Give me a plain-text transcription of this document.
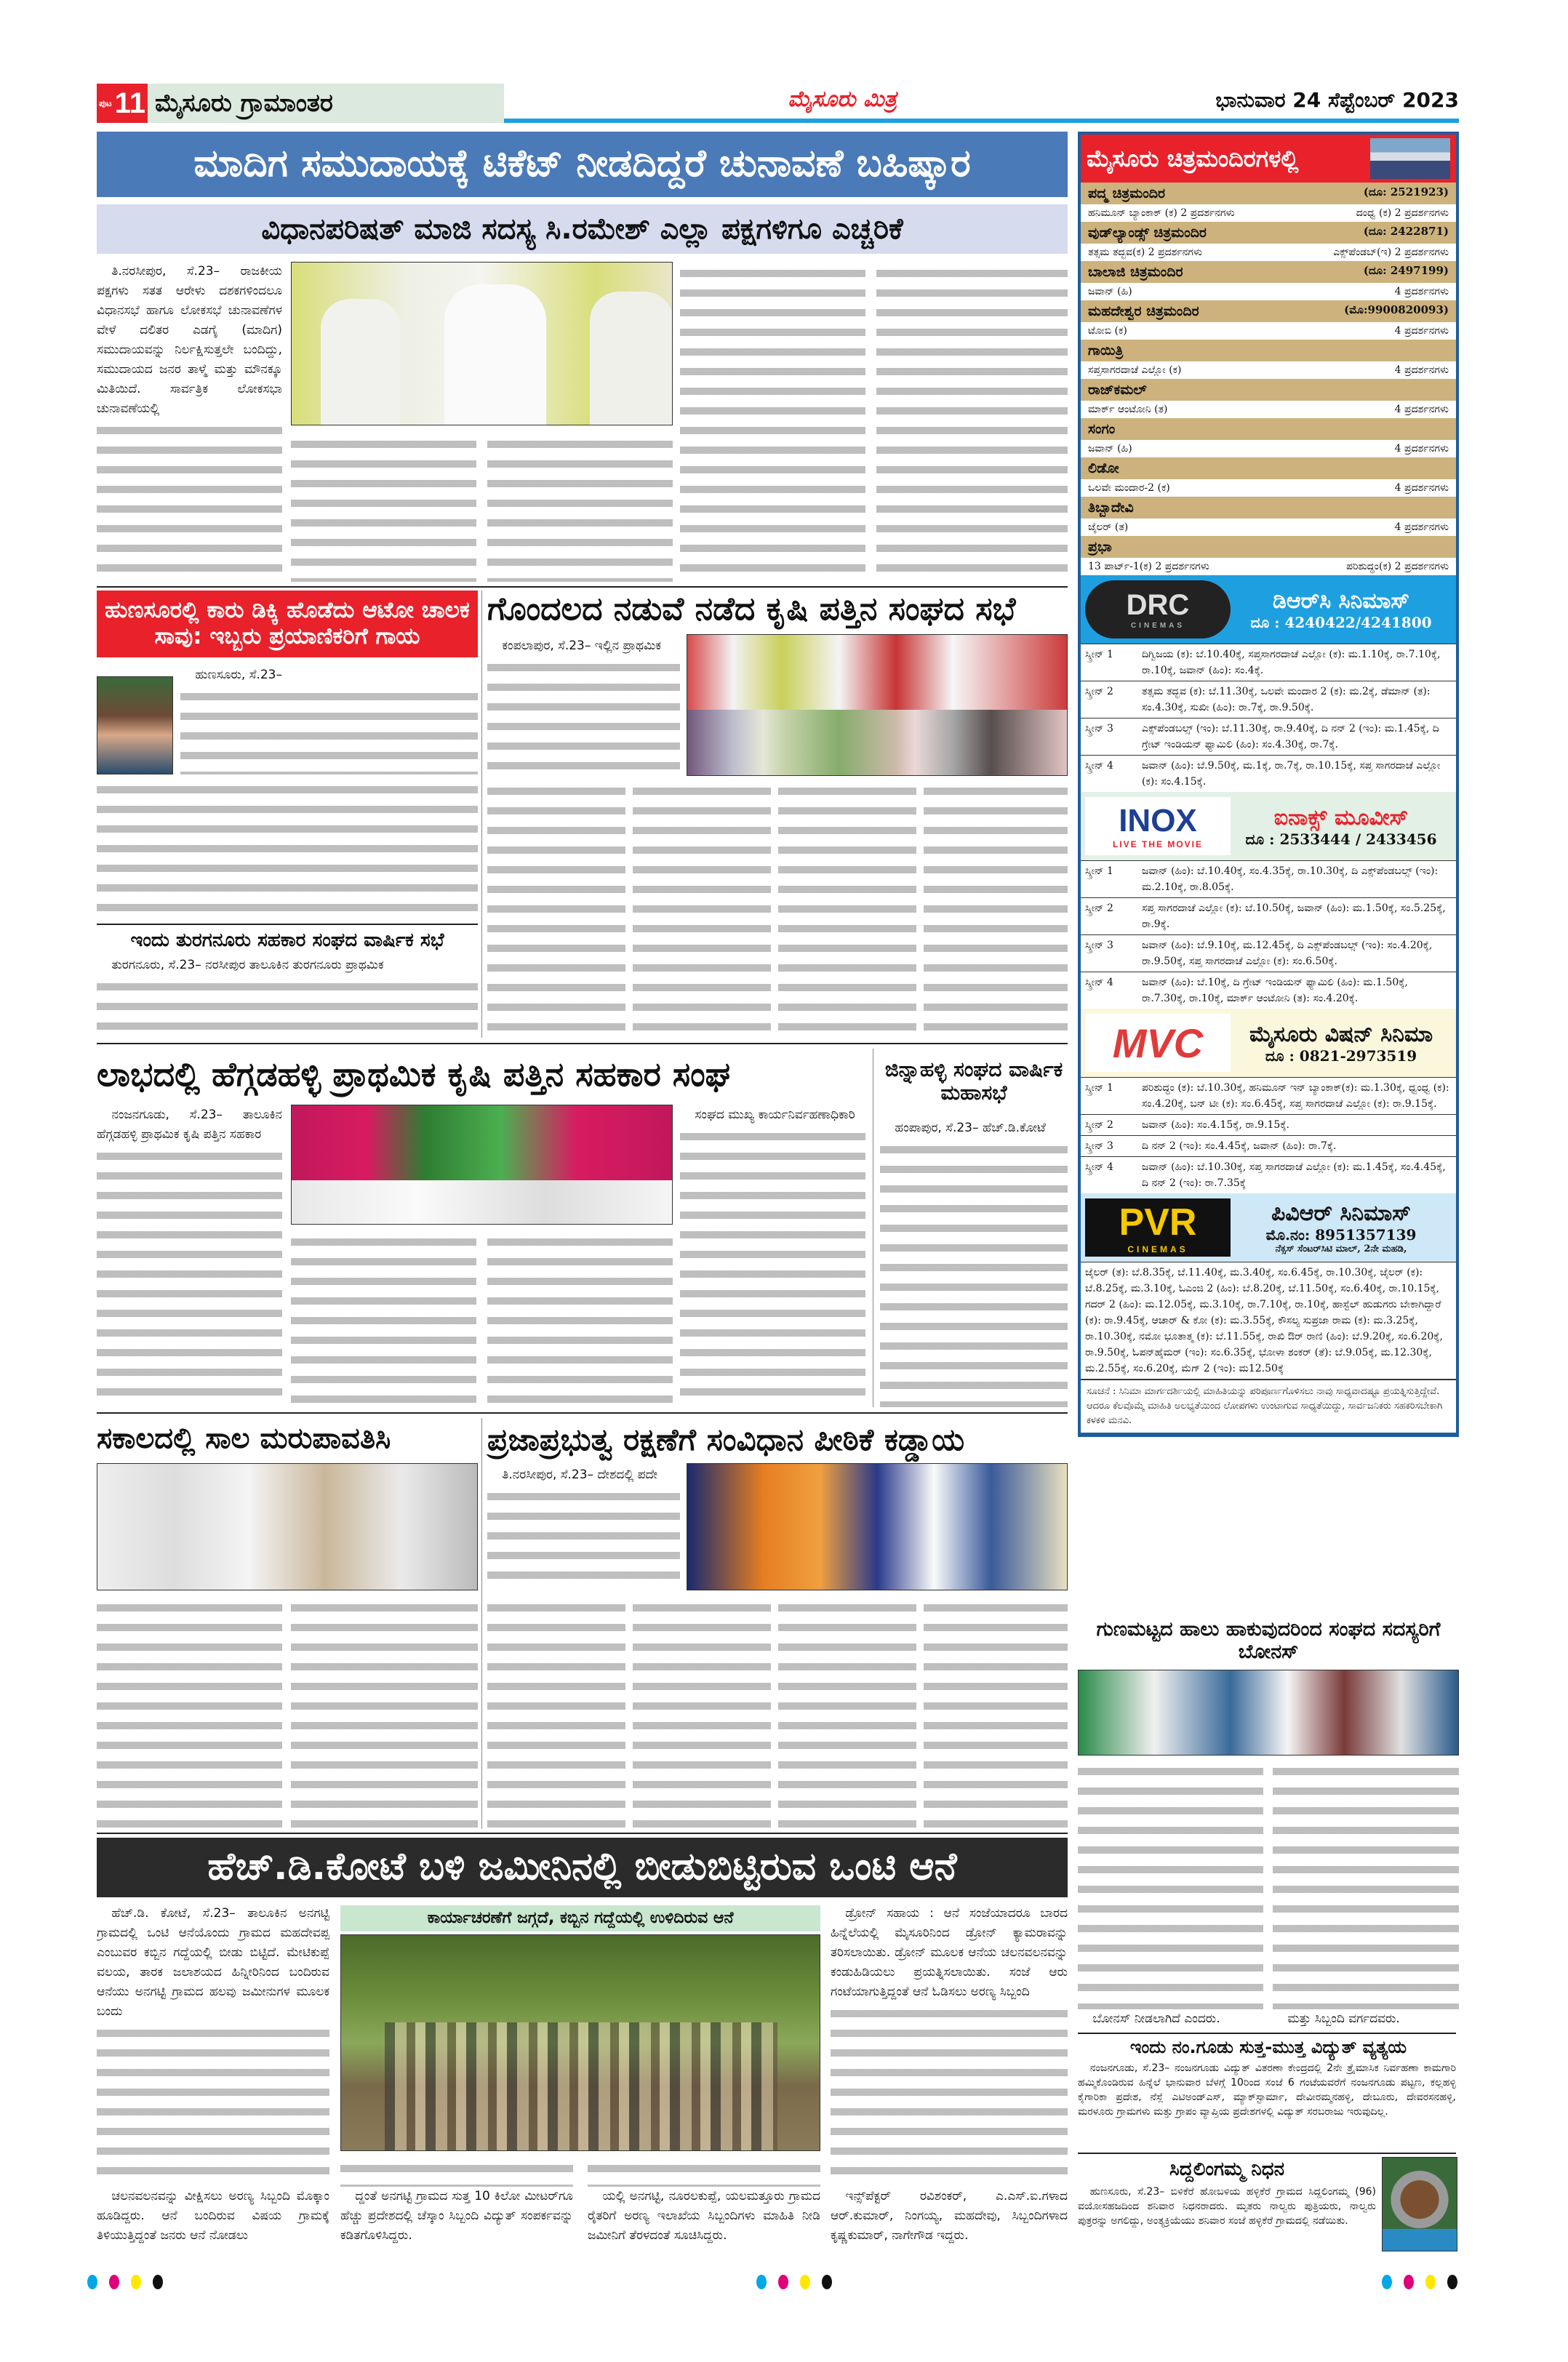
ಪುಟ 11 ಮೈಸೂರು ಗ್ರಾಮಾಂತರ	ಮೈಸೂರು ಮಿತ್ರ	ಭಾನುವಾರ 24 ಸೆಪ್ಟೆಂಬರ್ 2023
ಮಾದಿಗ ಸಮುದಾಯಕ್ಕೆ ಟಿಕೆಟ್ ನೀಡದಿದ್ದರೆ ಚುನಾವಣೆ ಬಹಿಷ್ಕಾರ
ವಿಧಾನಪರಿಷತ್ ಮಾಜಿ ಸದಸ್ಯ ಸಿ.ರಮೇಶ್ ಎಲ್ಲಾ ಪಕ್ಷಗಳಿಗೂ ಎಚ್ಚರಿಕೆ

ತಿ.ನರಸೀಪುರ, ಸೆ.23– ರಾಜಕೀಯ ಪಕ್ಷಗಳು ಸತತ ಆರೇಳು ದಶಕಗಳಿಂದಲೂ ವಿಧಾನಸಭೆ ಹಾಗೂ ಲೋಕಸಭೆ ಚುನಾವಣೆಗಳ ವೇಳೆ ದಲಿತರ ಎಡಗೈ (ಮಾದಿಗ) ಸಮುದಾಯವನ್ನು ನಿರ್ಲಕ್ಷಿಸುತ್ತಲೇ ಬಂದಿದ್ದು, ಸಮುದಾಯದ ಜನರ ತಾಳ್ಮೆ ಮತ್ತು ಮೌನಕ್ಕೂ ಮಿತಿಯಿದೆ. ಸಾರ್ವತ್ರಿಕ ಲೋಕಸಭಾ ಚುನಾವಣೆಯಲ್ಲಿ

ಹುಣಸೂರಲ್ಲಿ ಕಾರು ಡಿಕ್ಕಿ ಹೊಡೆದು ಆಟೋ ಚಾಲಕ ಸಾವು: ಇಬ್ಬರು ಪ್ರಯಾಣಿಕರಿಗೆ ಗಾಯ

ಹುಣಸೂರು, ಸೆ.23–

ಇಂದು ತುರಗನೂರು ಸಹಕಾರ ಸಂಘದ ವಾರ್ಷಿಕ ಸಭೆ

ತುರಗನೂರು, ಸೆ.23– ನರಸೀಪುರ ತಾಲೂಕಿನ ತುರಗನೂರು ಪ್ರಾಥಮಿಕ

ಗೊಂದಲದ ನಡುವೆ ನಡೆದ ಕೃಷಿ ಪತ್ತಿನ ಸಂಘದ ಸಭೆ

ಕಂಪಲಾಪುರ, ಸೆ.23– ಇಲ್ಲಿನ ಪ್ರಾಥಮಿಕ

ಲಾಭದಲ್ಲಿ ಹೆಗ್ಗಡಹಳ್ಳಿ ಪ್ರಾಥಮಿಕ ಕೃಷಿ ಪತ್ತಿನ ಸಹಕಾರ ಸಂಘ

ನಂಜನಗೂಡು, ಸೆ.23– ತಾಲೂಕಿನ ಹೆಗ್ಗಡಹಳ್ಳಿ ಪ್ರಾಥಮಿಕ ಕೃಷಿ ಪತ್ತಿನ ಸಹಕಾರ

ಸಂಘದ ಮುಖ್ಯ ಕಾರ್ಯನಿರ್ವಹಣಾಧಿಕಾರಿ

ಜಿನ್ನಾಹಳ್ಳಿ ಸಂಘದ ವಾರ್ಷಿಕ ಮಹಾಸಭೆ

ಹಂಪಾಪುರ, ಸೆ.23– ಹೆಚ್.ಡಿ.ಕೋಟೆ

ಸಕಾಲದಲ್ಲಿ ಸಾಲ ಮರುಪಾವತಿಸಿ	ಪ್ರಜಾಪ್ರಭುತ್ವ ರಕ್ಷಣೆಗೆ ಸಂವಿಧಾನ ಪೀಠಿಕೆ ಕಡ್ಡಾಯ

ತಿ.ನರಸೀಪುರ, ಸೆ.23– ದೇಶದಲ್ಲಿ ಪದೇ

ಹೆಚ್.ಡಿ.ಕೋಟೆ ಬಳಿ ಜಮೀನಿನಲ್ಲಿ ಬೀಡುಬಿಟ್ಟಿರುವ ಒಂಟಿ ಆನೆ

ಹೆಚ್.ಡಿ. ಕೋಟೆ, ಸೆ.23– ತಾಲೂಕಿನ ಅನಗಟ್ಟಿ ಗ್ರಾಮದಲ್ಲಿ ಒಂಟಿ ಆನೆಯೊಂದು ಗ್ರಾಮದ ಮಹದೇವಪ್ಪ ಎಂಬುವರ ಕಬ್ಬಿನ ಗದ್ದೆಯಲ್ಲಿ ಬೀಡು ಬಿಟ್ಟಿದೆ. ಮೇಟಿಕುಪ್ಪೆ ವಲಯ, ತಾರಕ ಜಲಾಶಯದ ಹಿನ್ನೀರಿನಿಂದ ಬಂದಿರುವ ಆನೆಯು ಅನಗಟ್ಟಿ ಗ್ರಾಮದ ಹಲವು ಜಮೀನುಗಳ ಮೂಲಕ ಬಂದು

ಚಲನವಲನವನ್ನು ವೀಕ್ಷಿಸಲು ಅರಣ್ಯ ಸಿಬ್ಬಂದಿ ಮೊಕ್ಕಾಂ ಹೂಡಿದ್ದರು. ಆನೆ ಬಂದಿರುವ ವಿಷಯ ಗ್ರಾಮಕ್ಕೆ ತಿಳಿಯುತ್ತಿದ್ದಂತೆ ಜನರು ಆನೆ ನೋಡಲು

ಕಾರ್ಯಾಚರಣೆಗೆ ಜಗ್ಗದೆ, ಕಬ್ಬಿನ ಗದ್ದೆಯಲ್ಲಿ ಉಳಿದಿರುವ ಆನೆ

ದ್ದಂತೆ ಅನಗಟ್ಟಿ ಗ್ರಾಮದ ಸುತ್ತ 10 ಕಿಲೋ ಮೀಟರ್‌ಗೂ ಹೆಚ್ಚು ಪ್ರದೇಶದಲ್ಲಿ ಚೆಸ್ಕಾಂ ಸಿಬ್ಬಂದಿ ವಿದ್ಯುತ್ ಸಂಪರ್ಕವನ್ನು ಕಡಿತಗೊಳಿಸಿದ್ದರು.

ಯಲ್ಲಿ ಅನಗಟ್ಟಿ, ನೂರಲಕುಪ್ಪೆ, ಯಲಮತ್ತೂರು ಗ್ರಾಮದ ರೈತರಿಗೆ ಅರಣ್ಯ ಇಲಾಖೆಯ ಸಿಬ್ಬಂದಿಗಳು ಮಾಹಿತಿ ನೀಡಿ ಜಮೀನಿಗೆ ತೆರಳದಂತೆ ಸೂಚಿಸಿದ್ದರು.

ಡ್ರೋನ್ ಸಹಾಯ : ಆನೆ ಸಂಜೆಯಾದರೂ ಬಾರದ ಹಿನ್ನೆಲೆಯಲ್ಲಿ ಮೈಸೂರಿನಿಂದ ಡ್ರೋನ್ ಕ್ಯಾಮರಾವನ್ನು ತರಿಸಲಾಯಿತು. ಡ್ರೋನ್ ಮೂಲಕ ಆನೆಯ ಚಲನವಲನವನ್ನು ಕಂಡುಹಿಡಿಯಲು ಪ್ರಯತ್ನಿಸಲಾಯಿತು. ಸಂಜೆ ಆರು ಗಂಟೆಯಾಗುತ್ತಿದ್ದಂತೆ ಆನೆ ಓಡಿಸಲು ಅರಣ್ಯ ಸಿಬ್ಬಂದಿ

ಇನ್ಸ್‌ಪೆಕ್ಟರ್ ರವಿಶಂಕರ್, ಎ.ಎಸ್.ಐ.ಗಳಾದ ಆರ್.ಕುಮಾರ್, ನಿಂಗಯ್ಯ, ಮಹದೇವು, ಸಿಬ್ಬಂದಿಗಳಾದ ಕೃಷ್ಣಕುಮಾರ್, ನಾಗೇಗೌಡ ಇದ್ದರು.

ಮೈಸೂರು ಚಿತ್ರಮಂದಿರಗಳಲ್ಲಿ
ಪದ್ಮ ಚಿತ್ರಮಂದಿರ	(ದೂ: 2521923)
ಹನಿಮೂನ್ ಬ್ಯಾಂಕಾಕ್ (ಕ) 2 ಪ್ರದರ್ಶನಗಳು	ದಂಧ್ವ (ಕ) 2 ಪ್ರದರ್ಶನಗಳು
ವುಡ್‌ಲ್ಯಾಂಡ್ಸ್ ಚಿತ್ರಮಂದಿರ	(ದೂ: 2422871)
ತತ್ಸಮ ತದ್ಭವ(ಕ) 2 ಪ್ರದರ್ಶನಗಳು	ಎಕ್ಸ್‌ಪೆಂಡಬ್(ಇ) 2 ಪ್ರದರ್ಶನಗಳು
ಬಾಲಾಜಿ ಚಿತ್ರಮಂದಿರ	(ದೂ: 2497199)
ಜವಾನ್ (ಹಿ)	4 ಪ್ರದರ್ಶನಗಳು
ಮಹದೇಶ್ವರ ಚಿತ್ರಮಂದಿರ	(ಮೊ:9900820093)
ಟೋಬಿ (ಕ)	4 ಪ್ರದರ್ಶನಗಳು
ಗಾಯಿತ್ರಿ
ಸಪ್ತಸಾಗರದಾಚೆ ಎಲ್ಲೋ (ಕ)	4 ಪ್ರದರ್ಶನಗಳು
ರಾಜ್‌ಕಮಲ್
ಮಾರ್ಕ್ ಆಂಟೋನಿ (ತ)	4 ಪ್ರದರ್ಶನಗಳು
ಸಂಗಂ
ಜವಾನ್ (ಹಿ)	4 ಪ್ರದರ್ಶನಗಳು
ಲಿಡೋ
ಒಲವೇ ಮಂದಾರ-2 (ಕ)	4 ಪ್ರದರ್ಶನಗಳು
ತಿಬ್ಬಾದೇವಿ
ಜೈಲರ್ (ತ)	4 ಪ್ರದರ್ಶನಗಳು
ಪ್ರಭಾ
13 ಪಾರ್ಟ್-1(ಕ) 2 ಪ್ರದರ್ಶನಗಳು	ಪರಿಶುದ್ಧಂ(ಕ) 2 ಪ್ರದರ್ಶನಗಳು
DRC
CINEMAS
ಡಿಆರ್‌ಸಿ ಸಿನಿಮಾಸ್
ದೂ : 4240422/4241800
ಸ್ಕ್ರೀನ್ 1	ದಿಗ್ವಿಜಯ (ಕ): ಬೆ.10.40ಕ್ಕೆ, ಸಪ್ತಸಾಗರದಾಚೆ ಎಲ್ಲೋ (ಕ): ಮ.1.10ಕ್ಕೆ, ರಾ.7.10ಕ್ಕೆ, ರಾ.10ಕ್ಕೆ, ಜವಾನ್ (ಹಿಂ): ಸಂ.4ಕ್ಕೆ.
ಸ್ಕ್ರೀನ್ 2	ತತ್ಸಮ ತದ್ಭವ (ಕ): ಬೆ.11.30ಕ್ಕೆ, ಒಲವೇ ಮಂದಾರ 2 (ಕ): ಮ.2ಕ್ಕೆ, ಡೆಮಾನ್ (ತ): ಸಂ.4.30ಕ್ಕೆ, ಸುಖೀ (ಹಿಂ): ರಾ.7ಕ್ಕೆ, ರಾ.9.50ಕ್ಕೆ.
ಸ್ಕ್ರೀನ್ 3	ಎಕ್ಸ್‌ಪೆಂಡಬಲ್ಸ್ (ಇಂ): ಬೆ.11.30ಕ್ಕೆ, ರಾ.9.40ಕ್ಕೆ, ದಿ ನನ್ 2 (ಇಂ): ಮ.1.45ಕ್ಕೆ, ದಿ ಗ್ರೇಟ್ ಇಂಡಿಯನ್ ಫ್ಯಾಮಿಲಿ (ಹಿಂ): ಸಂ.4.30ಕ್ಕೆ, ರಾ.7ಕ್ಕೆ.
ಸ್ಕ್ರೀನ್ 4	ಜವಾನ್ (ಹಿಂ): ಬೆ.9.50ಕ್ಕೆ, ಮ.1ಕ್ಕೆ, ರಾ.7ಕ್ಕೆ, ರಾ.10.15ಕ್ಕೆ, ಸಪ್ತ ಸಾಗರದಾಚೆ ಎಲ್ಲೋ (ಕ): ಸಂ.4.15ಕ್ಕೆ.
INOX
LIVE THE MOVIE
ಐನಾಕ್ಸ್ ಮೂವೀಸ್
ದೂ : 2533444 / 2433456
ಸ್ಕ್ರೀನ್ 1	ಜವಾನ್ (ಹಿಂ): ಬೆ.10.40ಕ್ಕೆ, ಸಂ.4.35ಕ್ಕೆ, ರಾ.10.30ಕ್ಕೆ, ದಿ ಎಕ್ಸ್‌ಪೆಂಡಬಲ್ಸ್ (ಇಂ): ಮ.2.10ಕ್ಕೆ, ರಾ.8.05ಕ್ಕೆ.
ಸ್ಕ್ರೀನ್ 2	ಸಪ್ತ ಸಾಗರದಾಚೆ ಎಲ್ಲೋ (ಕ): ಬೆ.10.50ಕ್ಕೆ, ಜವಾನ್ (ಹಿಂ): ಮ.1.50ಕ್ಕೆ, ಸಂ.5.25ಕ್ಕೆ, ರಾ.9ಕ್ಕೆ.
ಸ್ಕ್ರೀನ್ 3	ಜವಾನ್ (ಹಿಂ): ಬೆ.9.10ಕ್ಕೆ, ಮ.12.45ಕ್ಕೆ, ದಿ ಎಕ್ಸ್‌ಪೆಂಡಬಲ್ಸ್ (ಇಂ): ಸಂ.4.20ಕ್ಕೆ, ರಾ.9.50ಕ್ಕೆ, ಸಪ್ತ ಸಾಗರದಾಚೆ ಎಲ್ಲೋ (ಕ): ಸಂ.6.50ಕ್ಕೆ.
ಸ್ಕ್ರೀನ್ 4	ಜವಾನ್ (ಹಿಂ): ಬೆ.10ಕ್ಕೆ, ದಿ ಗ್ರೇಟ್ ಇಂಡಿಯನ್ ಫ್ಯಾಮಿಲಿ (ಹಿಂ): ಮ.1.50ಕ್ಕೆ, ರಾ.7.30ಕ್ಕೆ, ರಾ.10ಕ್ಕೆ, ಮಾರ್ಕ್ ಆಂಟೋನಿ (ತ): ಸಂ.4.20ಕ್ಕೆ.
MVC	ಮೈಸೂರು ವಿಷನ್ ಸಿನಿಮಾ
ದೂ : 0821-2973519
ಸ್ಕ್ರೀನ್ 1	ಪರಿಶುದ್ಧಂ (ಕ): ಬೆ.10.30ಕ್ಕೆ, ಹನಿಮೂನ್ ಇನ್ ಬ್ಯಾಂಕಾಕ್(ಕ): ಮ.1.30ಕ್ಕೆ, ಧ್ವಂಧ್ವ (ಕ): ಸಂ.4.20ಕ್ಕೆ, ಬನ್ ಟೀ (ಕ): ಸಂ.6.45ಕ್ಕೆ, ಸಪ್ತ ಸಾಗರದಾಚೆ ಎಲ್ಲೋ (ಕ): ರಾ.9.15ಕ್ಕೆ.
ಸ್ಕ್ರೀನ್ 2	ಜವಾನ್ (ಹಿಂ): ಸಂ.4.15ಕ್ಕೆ, ರಾ.9.15ಕ್ಕೆ.
ಸ್ಕ್ರೀನ್ 3	ದಿ ನನ್ 2 (ಇಂ): ಸಂ.4.45ಕ್ಕೆ, ಜವಾನ್ (ಹಿಂ): ರಾ.7ಕ್ಕೆ.
ಸ್ಕ್ರೀನ್ 4	ಜವಾನ್ (ಹಿಂ): ಬೆ.10.30ಕ್ಕೆ, ಸಪ್ತ ಸಾಗರದಾಚೆ ಎಲ್ಲೋ (ಕ): ಮ.1.45ಕ್ಕೆ, ಸಂ.4.45ಕ್ಕೆ, ದಿ ನನ್ 2 (ಇಂ): ರಾ.7.35ಕ್ಕೆ
PVR
CINEMAS
ಪಿವಿಆರ್ ಸಿನಿಮಾಸ್
ಮೊ.ನಂ: 8951357139
ನೆಕ್ಸಸ್ ಸೆಂಟರ್‌ಸಿಟಿ ಮಾಲ್, 2ನೇ ಮಹಡಿ,
ಜೈಲರ್ (ತ): ಬೆ.8.35ಕ್ಕೆ, ಬೆ.11.40ಕ್ಕೆ, ಮ.3.40ಕ್ಕೆ, ಸಂ.6.45ಕ್ಕೆ, ರಾ.10.30ಕ್ಕೆ, ಜೈಲರ್ (ಕ): ಬೆ.8.25ಕ್ಕೆ, ಮ.3.10ಕ್ಕೆ, ಓಎಂಜಿ 2 (ಹಿಂ): ಬೆ.8.20ಕ್ಕೆ, ಬೆ.11.50ಕ್ಕೆ, ಸಂ.6.40ಕ್ಕೆ, ರಾ.10.15ಕ್ಕೆ, ಗದರ್ 2 (ಹಿಂ): ಮ.12.05ಕ್ಕೆ, ಮ.3.10ಕ್ಕೆ, ರಾ.7.10ಕ್ಕೆ, ರಾ.10ಕ್ಕೆ, ಹಾಸ್ಟೆಲ್ ಹುಡುಗರು ಬೇಕಾಗಿದ್ದಾರೆ (ಕ): ರಾ.9.45ಕ್ಕೆ, ಆಚಾರ್ & ಕೋ (ಕ): ಮ.3.55ಕ್ಕೆ, ಕೌಸಲ್ಯ ಸುಪ್ರಜಾ ರಾಮ (ಕ): ಮ.3.25ಕ್ಕೆ, ರಾ.10.30ಕ್ಕೆ, ನಮೋ ಭೂತಾತ್ಮ (ಕ): ಬೆ.11.55ಕ್ಕೆ, ರಾಖಿ ಔರ್ ರಾಣಿ (ಹಿಂ): ಬೆ.9.20ಕ್ಕೆ, ಸಂ.6.20ಕ್ಕೆ, ರಾ.9.50ಕ್ಕೆ, ಓಪನ್‌ಹೈಮರ್ (ಇಂ): ಸಂ.6.35ಕ್ಕೆ, ಭೋಳಾ ಶಂಕರ್ (ತೆ): ಬೆ.9.05ಕ್ಕೆ, ಮ.12.30ಕ್ಕೆ, ಮ.2.55ಕ್ಕೆ, ಸಂ.6.20ಕ್ಕೆ, ಮೆಗ್ 2 (ಇಂ): ಮ12.50ಕ್ಕೆ
ಸೂಚನೆ : ಸಿನಿಮಾ ಮಾರ್ಗದರ್ಶಿಯಲ್ಲಿ ಮಾಹಿತಿಯನ್ನು ಪರಿಪೂರ್ಣಗೊಳಿಸಲು ನಾವು ಸಾಧ್ಯವಾದಷ್ಟೂ ಪ್ರಯತ್ನಿಸುತ್ತಿದ್ದೇವೆ. ಆದರೂ ಕೆಲವೊಮ್ಮೆ ಮಾಹಿತಿ ಅಲಭ್ಯತೆಯಿಂದ ಲೋಪಗಳು ಉಂಟಾಗುವ ಸಾಧ್ಯತೆಯಿದ್ದು, ಸಾರ್ವಜನಿಕರು ಸಹಕರಿಸಬೇಕಾಗಿ ಕಳಕಳಿ ಮನವಿ.
ಗುಣಮಟ್ಟದ ಹಾಲು ಹಾಕುವುದರಿಂದ ಸಂಘದ ಸದಸ್ಯರಿಗೆ ಬೋನಸ್

ಬೋನಸ್ ನೀಡಲಾಗಿದೆ ಎಂದರು.	ಮತ್ತು ಸಿಬ್ಬಂದಿ ವರ್ಗದವರು.

ಇಂದು ನಂ.ಗೂಡು ಸುತ್ತ-ಮುತ್ತ ವಿದ್ಯುತ್ ವ್ಯತ್ಯಯ

ನಂಜನಗೂಡು, ಸೆ.23– ನಂಜನಗೂಡು ವಿದ್ಯುತ್ ವಿತರಣಾ ಕೇಂದ್ರದಲ್ಲಿ 2ನೇ ತ್ರೈಮಾಸಿಕ ನಿರ್ವಹಣಾ ಕಾಮಗಾರಿ ಹಮ್ಮಿಕೊಂಡಿರುವ ಹಿನ್ನೆಲೆ ಭಾನುವಾರ ಬೆಳಗ್ಗೆ 10ರಿಂದ ಸಂಜೆ 6 ಗಂಟೆಯವರೆಗೆ ನಂಜನಗೂಡು ಪಟ್ಟಣ, ಕಲ್ಲಹಳ್ಳಿ ಕೈಗಾರಿಕಾ ಪ್ರದೇಶ, ನೆಸ್ಲೆ ಎಟಿಅಂಡ್‌ಎಸ್, ಮ್ಯಾಕ್‌ಸ್ಟಾರ್ಮಾ, ದೇವೀರಮ್ಮನಹಳ್ಳಿ, ದೇಬೂರು, ದೇವರಸನಹಳ್ಳಿ, ಮರಳೂರು ಗ್ರಾಮಗಳು ಮತ್ತು ಗ್ರಾಪಂ ವ್ಯಾಪ್ತಿಯ ಪ್ರದೇಶಗಳಲ್ಲಿ ವಿದ್ಯುತ್ ಸರಬರಾಜು ಇರುವುದಿಲ್ಲ.

ಸಿದ್ದಲಿಂಗಮ್ಮ ನಿಧನ

ಹುಣಸೂರು, ಸೆ.23– ಬಿಳಿಕೆರೆ ಹೋಬಳಿಯ ಹಳ್ಳಿಕೆರೆ ಗ್ರಾಮದ ಸಿದ್ದಲಿಂಗಮ್ಮ (96) ವಯೋಸಹಜದಿಂದ ಶನಿವಾರ ನಿಧನರಾದರು. ಮೃತರು ನಾಲ್ವರು ಪುತ್ರಿಯರು, ನಾಲ್ವರು ಪುತ್ರರನ್ನು ಅಗಲಿದ್ದು, ಅಂತ್ಯಕ್ರಿಯೆಯು ಶನಿವಾರ ಸಂಜೆ ಹಳ್ಳಿಕೆರೆ ಗ್ರಾಮದಲ್ಲಿ ನಡೆಯಿತು.
